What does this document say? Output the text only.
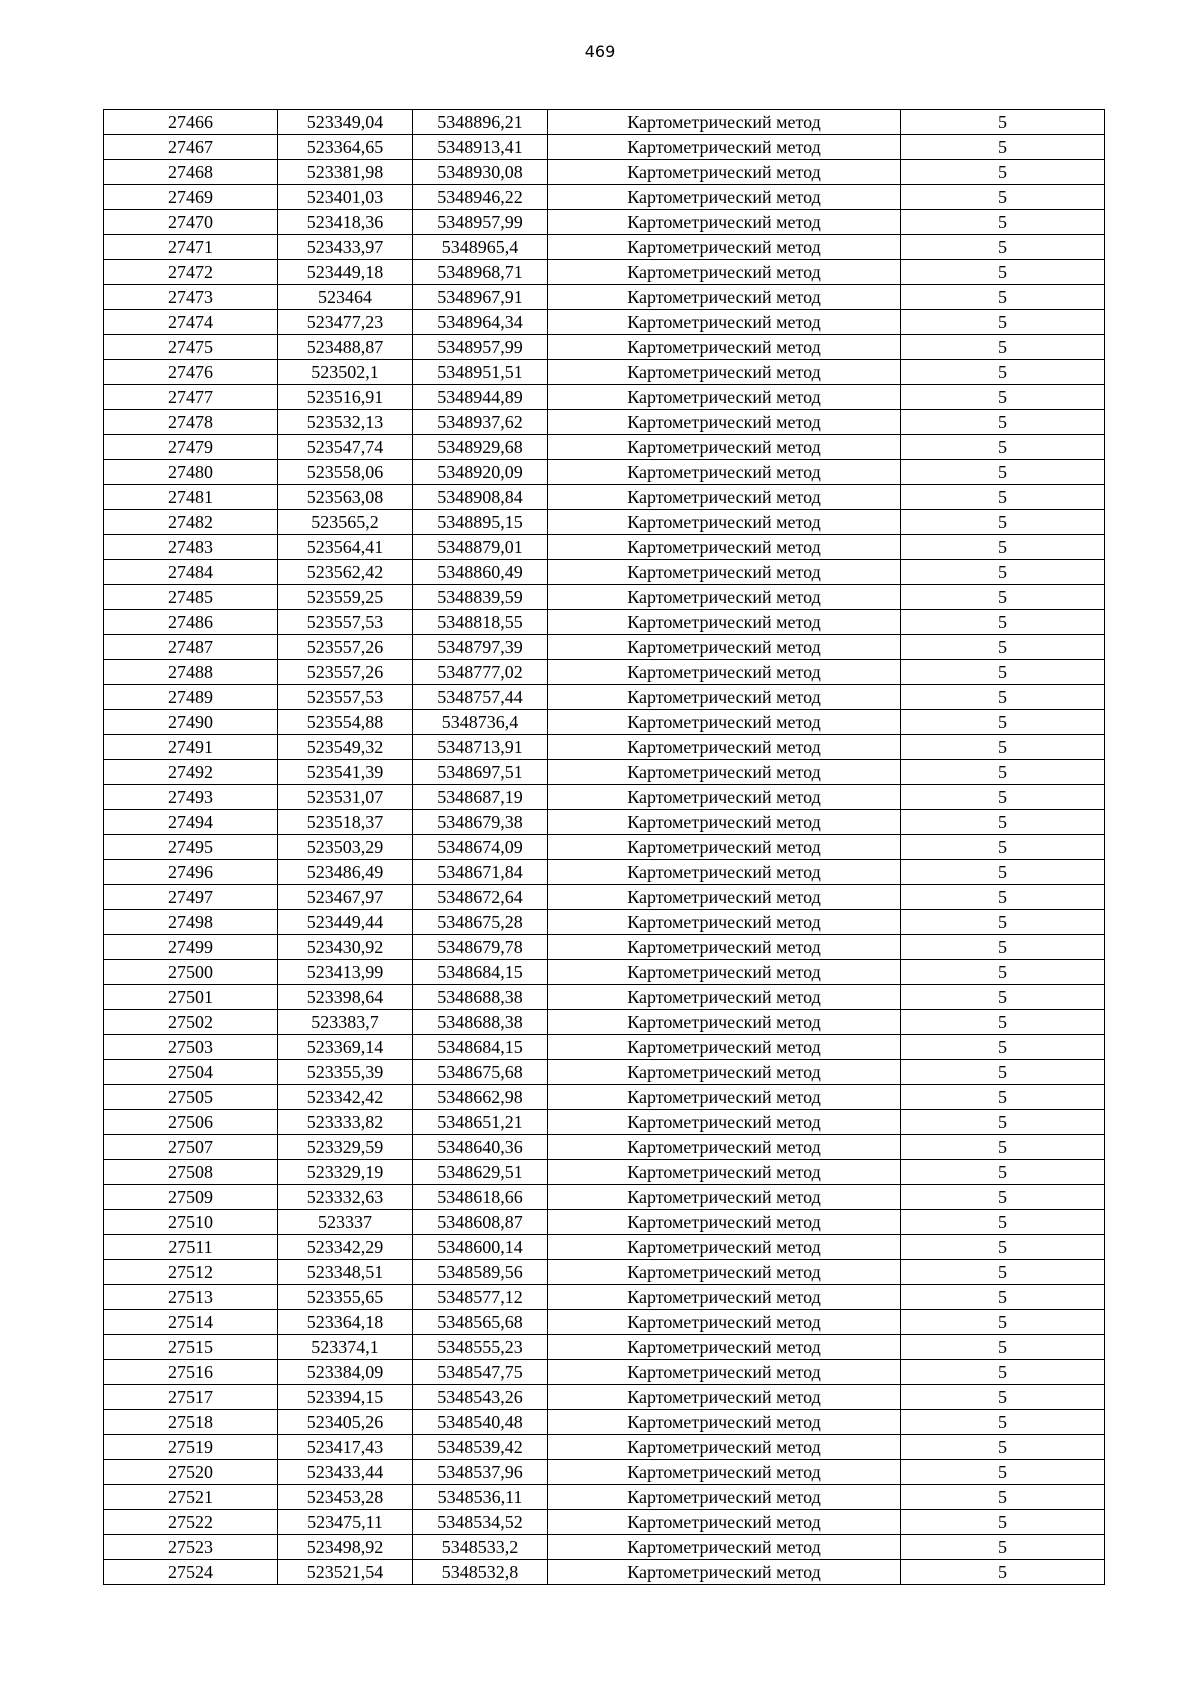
469
27466	523349,04	5348896,21	Картометрический метод	5
27467	523364,65	5348913,41	Картометрический метод	5
27468	523381,98	5348930,08	Картометрический метод	5
27469	523401,03	5348946,22	Картометрический метод	5
27470	523418,36	5348957,99	Картометрический метод	5
27471	523433,97	5348965,4	Картометрический метод	5
27472	523449,18	5348968,71	Картометрический метод	5
27473	523464	5348967,91	Картометрический метод	5
27474	523477,23	5348964,34	Картометрический метод	5
27475	523488,87	5348957,99	Картометрический метод	5
27476	523502,1	5348951,51	Картометрический метод	5
27477	523516,91	5348944,89	Картометрический метод	5
27478	523532,13	5348937,62	Картометрический метод	5
27479	523547,74	5348929,68	Картометрический метод	5
27480	523558,06	5348920,09	Картометрический метод	5
27481	523563,08	5348908,84	Картометрический метод	5
27482	523565,2	5348895,15	Картометрический метод	5
27483	523564,41	5348879,01	Картометрический метод	5
27484	523562,42	5348860,49	Картометрический метод	5
27485	523559,25	5348839,59	Картометрический метод	5
27486	523557,53	5348818,55	Картометрический метод	5
27487	523557,26	5348797,39	Картометрический метод	5
27488	523557,26	5348777,02	Картометрический метод	5
27489	523557,53	5348757,44	Картометрический метод	5
27490	523554,88	5348736,4	Картометрический метод	5
27491	523549,32	5348713,91	Картометрический метод	5
27492	523541,39	5348697,51	Картометрический метод	5
27493	523531,07	5348687,19	Картометрический метод	5
27494	523518,37	5348679,38	Картометрический метод	5
27495	523503,29	5348674,09	Картометрический метод	5
27496	523486,49	5348671,84	Картометрический метод	5
27497	523467,97	5348672,64	Картометрический метод	5
27498	523449,44	5348675,28	Картометрический метод	5
27499	523430,92	5348679,78	Картометрический метод	5
27500	523413,99	5348684,15	Картометрический метод	5
27501	523398,64	5348688,38	Картометрический метод	5
27502	523383,7	5348688,38	Картометрический метод	5
27503	523369,14	5348684,15	Картометрический метод	5
27504	523355,39	5348675,68	Картометрический метод	5
27505	523342,42	5348662,98	Картометрический метод	5
27506	523333,82	5348651,21	Картометрический метод	5
27507	523329,59	5348640,36	Картометрический метод	5
27508	523329,19	5348629,51	Картометрический метод	5
27509	523332,63	5348618,66	Картометрический метод	5
27510	523337	5348608,87	Картометрический метод	5
27511	523342,29	5348600,14	Картометрический метод	5
27512	523348,51	5348589,56	Картометрический метод	5
27513	523355,65	5348577,12	Картометрический метод	5
27514	523364,18	5348565,68	Картометрический метод	5
27515	523374,1	5348555,23	Картометрический метод	5
27516	523384,09	5348547,75	Картометрический метод	5
27517	523394,15	5348543,26	Картометрический метод	5
27518	523405,26	5348540,48	Картометрический метод	5
27519	523417,43	5348539,42	Картометрический метод	5
27520	523433,44	5348537,96	Картометрический метод	5
27521	523453,28	5348536,11	Картометрический метод	5
27522	523475,11	5348534,52	Картометрический метод	5
27523	523498,92	5348533,2	Картометрический метод	5
27524	523521,54	5348532,8	Картометрический метод	5
